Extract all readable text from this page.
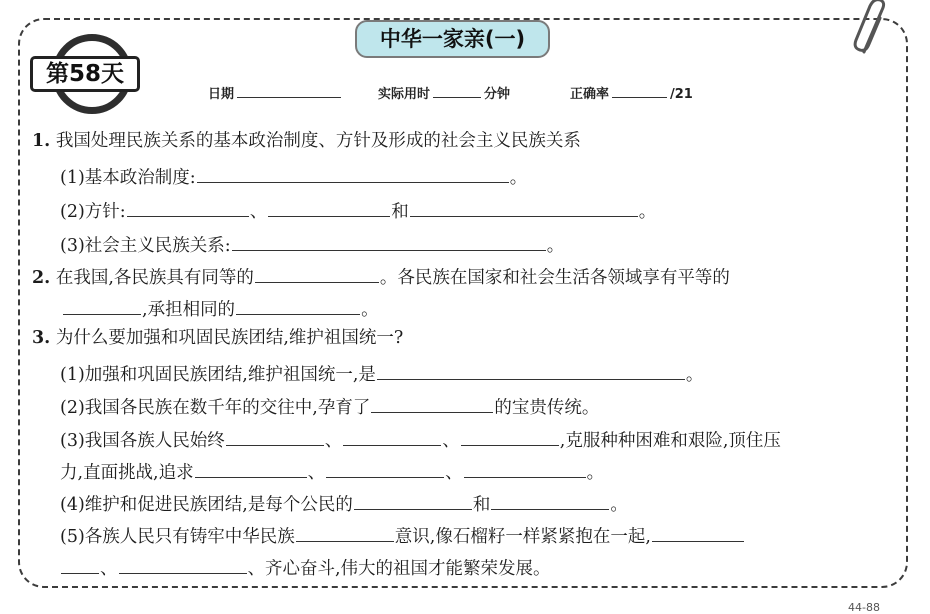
中华一家亲(一)
第58天
日期	实际用时	分钟	正确率	/21
1. 我国处理民族关系的基本政治制度、方针及形成的社会主义民族关系
(1)基本政治制度:	。
(2)方针:	、	和	。
(3)社会主义民族关系:	。
2. 在我国,各民族具有同等的	。各民族在国家和社会生活各领域享有平等的
,承担相同的	。
3. 为什么要加强和巩固民族团结,维护祖国统一?
(1)加强和巩固民族团结,维护祖国统一,是	。
(2)我国各民族在数千年的交往中,孕育了	的宝贵传统。
(3)我国各族人民始终	、	、	,克服种种困难和艰险,顶住压
力,直面挑战,追求	、	、	。
(4)维护和促进民族团结,是每个公民的	和	。
(5)各族人民只有铸牢中华民族	意识,像石榴籽一样紧紧抱在一起,
、	、齐心奋斗,伟大的祖国才能繁荣发展。
44-88
